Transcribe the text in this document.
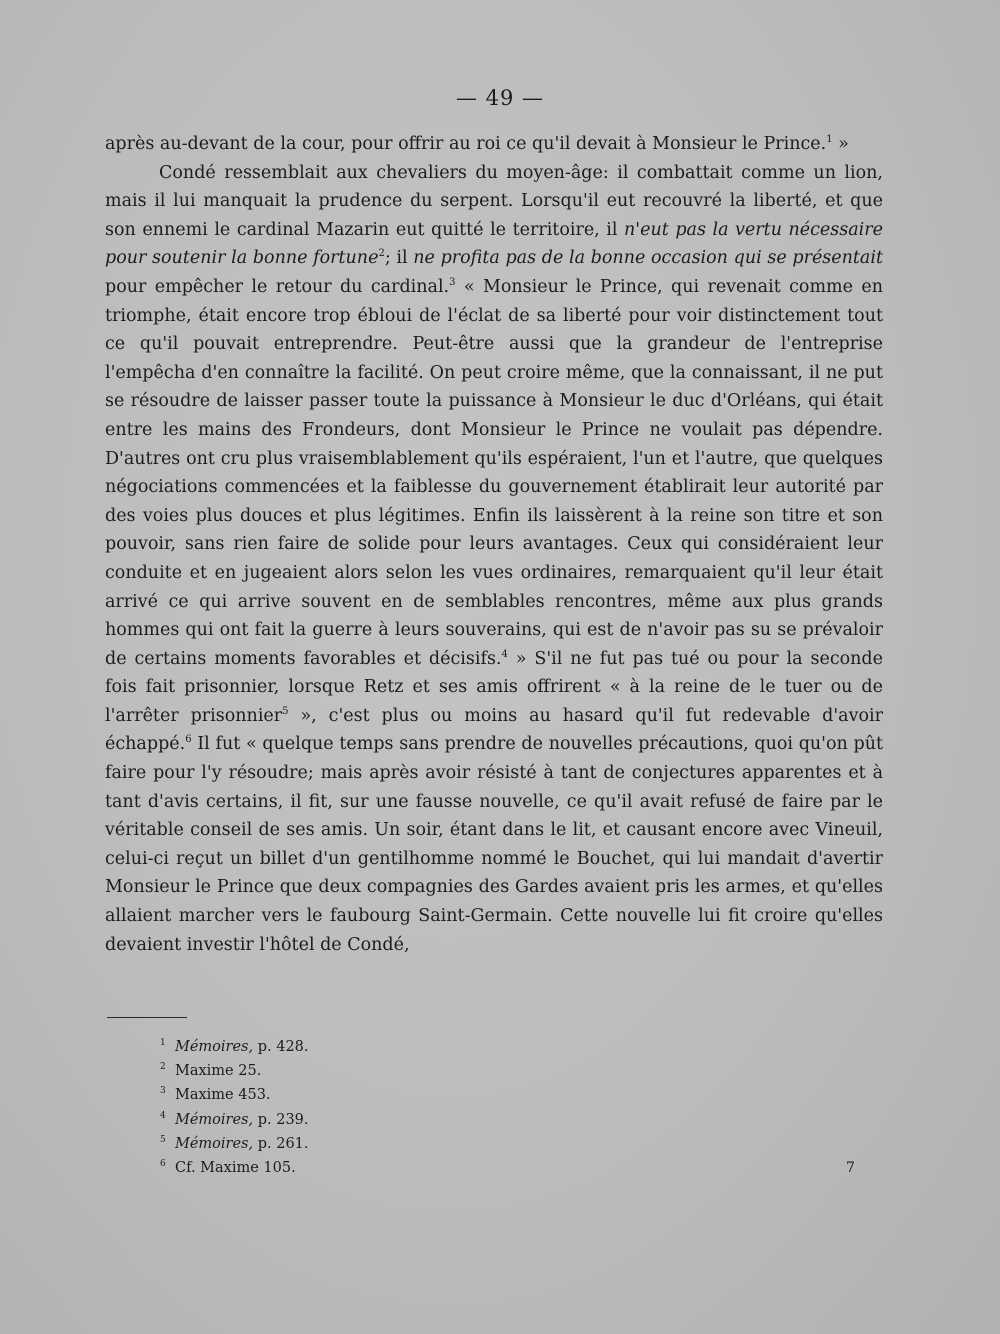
— 49 —

après au-devant de la cour, pour offrir au roi ce qu'il devait à Monsieur le Prince.$^1$ »

Condé ressemblait aux chevaliers du moyen-âge: il combattait comme un lion, mais il lui manquait la prudence du serpent. Lorsqu'il eut recouvré la liberté, et que son ennemi le cardinal Mazarin eut quitté le territoire, il n'eut pas la vertu nécessaire pour soutenir la bonne fortune$^2$; il ne profita pas de la bonne occasion qui se présentait pour empêcher le retour du cardinal.$^3$ « Monsieur le Prince, qui revenait comme en triomphe, était encore trop ébloui de l'éclat de sa liberté pour voir distinctement tout ce qu'il pouvait entreprendre. Peut-être aussi que la grandeur de l'entreprise l'empêcha d'en connaître la facilité. On peut croire même, que la connaissant, il ne put se résoudre de laisser passer toute la puissance à Monsieur le duc d'Orléans, qui était entre les mains des Frondeurs, dont Monsieur le Prince ne voulait pas dépendre. D'autres ont cru plus vraisemblablement qu'ils espéraient, l'un et l'autre, que quelques négociations commencées et la faiblesse du gouvernement établirait leur autorité par des voies plus douces et plus légitimes. Enfin ils laissèrent à la reine son titre et son pouvoir, sans rien faire de solide pour leurs avantages. Ceux qui considéraient leur conduite et en jugeaient alors selon les vues ordinaires, remarquaient qu'il leur était arrivé ce qui arrive souvent en de semblables rencontres, même aux plus grands hommes qui ont fait la guerre à leurs souverains, qui est de n'avoir pas su se prévaloir de certains moments favorables et décisifs.$^4$ » S'il ne fut pas tué ou pour la seconde fois fait prisonnier, lorsque Retz et ses amis offrirent « à la reine de le tuer ou de l'arrêter prisonnier$^5$ », c'est plus ou moins au hasard qu'il fut redevable d'avoir échappé.$^6$ Il fut « quelque temps sans prendre de nouvelles précautions, quoi qu'on pût faire pour l'y résoudre; mais après avoir résisté à tant de conjectures apparentes et à tant d'avis certains, il fit, sur une fausse nouvelle, ce qu'il avait refusé de faire par le véritable conseil de ses amis. Un soir, étant dans le lit, et causant encore avec Vineuil, celui-ci reçut un billet d'un gentilhomme nommé le Bouchet, qui lui mandait d'avertir Monsieur le Prince que deux compagnies des Gardes avaient pris les armes, et qu'elles allaient marcher vers le faubourg Saint-Germain. Cette nouvelle lui fit croire qu'elles devaient investir l'hôtel de Condé,

1 Mémoires, p. 428.
2 Maxime 25.
3 Maxime 453.
4 Mémoires, p. 239.
5 Mémoires, p. 261.
6 Cf. Maxime 105.	7
